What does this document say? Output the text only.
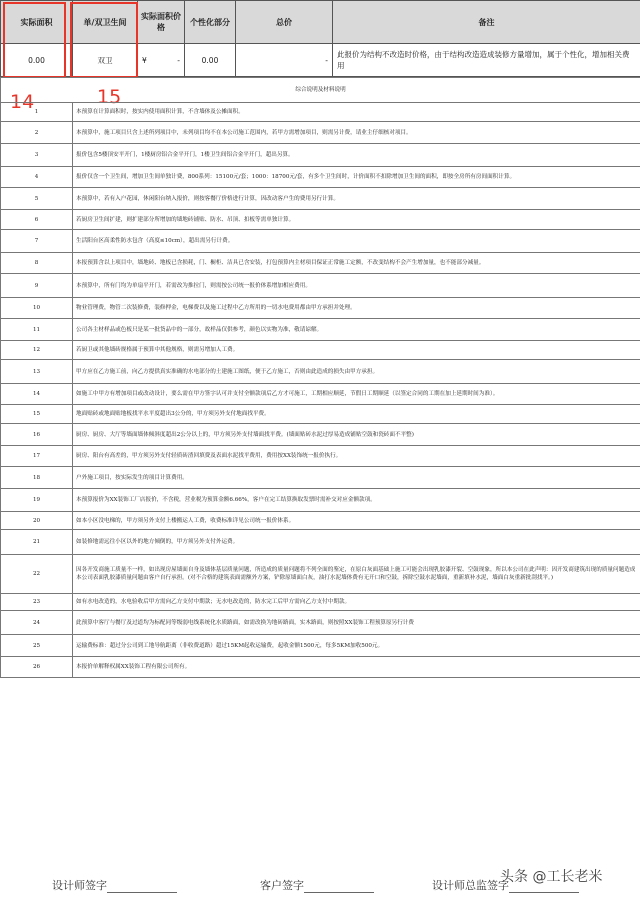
实际面积	单/双卫生间	实际面积价格	个性化部分	总价	备注
0.00	双卫	¥ -	0.00	-	此报价为结构不改造时价格，由于结构改造造成装修方量增加，属于个性化，增加相关费用
14	15	综合说明及材料说明	
1	本预算在计算面积时，按实内使用面积计算，不含墙体及公摊面积。
2	本预算中，施工项目只含上述所列项目中，未列项目均不在本公司施工范围内，若甲方需增加项目，则需另计费，请业主仔细核对项目。
3	报价包含5楼顶安平开门，1楼厨房铝合金平开门，1楼卫生间铝合金平开门，超出另算。
4	报价仅含一个卫生间，增加卫生间单独计费，800系列：15100元/套；1000：18700元/套，有多个卫生间时，计价面积不扣除增加卫生间的面积，即按全房所有房间面积计算。
5	本预算中，若有入户花园，休闲阳台纳入报价，则按客餐厅价格进行计算，因改动客户生的费用另行计算。
6	若厨房卫生间扩建，则扩建部分所增加的墙地砖铺贴、防水、吊顶、扣板等需单独计算。
7	生活阳台区高柔性防水包含（高度≤10cm），超出需另行计费。
8	本报预算含以上项目中，墙地砖、地板已含损耗，门、橱柜、洁具已含安装，打包预算内主材项目保证正常施工定额，不改变结构不会产生增加量，也不能部分减量。
9	本预算中，所有门均为单扇平开门，若需改为推拉门，则需按公司统一报价体系增加相应费用。
10	物业管理费，物管二次装修费，装修押金，电梯费以及施工过程中乙方所用的一切水电费用都由甲方承担并处理。
11	公司各主材样品或色板只是某一批货品中的一部分，故样品仅供参考，颜色以实物为准，敬请谅解。
12	若厨卫或其他墙砖规格属于预算中其他规格，则需另增加人工费。
13	甲方应在乙方施工前，向乙方提供真实准确的水电部分的土建施工图纸，便于乙方施工，否则由此造成的损失由甲方承担。
14	如施工中甲方有增加项目或改动设计，要么需在甲方签字认可并支付全额款项后乙方才可施工，工期相应顺延，节假日工期顺延（以签定合同的工期在加上延期时间为准）。
15	地面贴砖或地面贴地板找平水平度超出3公分的，甲方须另外支付地面找平费。
16	厨房、厨房、大厅等墙面墙体倾斜度超出2公分以上的，甲方须另外支付墙面找平费。(墙面贴砖水泥过厚易造成铺贴空鼓和瓷砖面不平整)
17	厨房、阳台有高差的，甲方须另外支付轻质砖渣回填费及表面水泥找平费用，费用按XX装饰统一报价执行。
18	户外施工项目，按实际发生的项目计算费用。
19	本预算报价为XX装饰工厂店报价，不含税，营业税为预算金额6.66%，客户在完工结算换取发票时需补交对应金额款项。
20	如本小区没电梯的，甲方须另外支付上楼搬运人工费，收费标准详见公司统一报价体系。
21	如装修地需远往小区以外的地方倾倒的，甲方须另外支付外运费。
22	因各开发商施工质量不一样，如出现房屋墙面自身及墙体基层质量问题，所造成的质量问题将不列全面的鉴定，在原白灰面基础上施工可能会出现乳胶漆开裂、空鼓现象，所以本公司在此声明：因开发商建筑出现的质量问题造成本公司表面乳胶漆质量问题由客户自行承担。(对不合格的建筑表面需额外方案，铲除原墙面白灰，油打水泥墙体费有无开口和空鼓，拆除空鼓水泥墙面，重新填补水泥，墙面白灰重新批刮找平。)
23	如有水电改造的，水电验收后甲方需向乙方支付中期款；无水电改造的，防水完工后甲方需向乙方支付中期款。
24	此预算中客厅与餐厅及过道均为标配同等级弱电线系统化水质路面，如需改换为地砖路面，实木路面，则按照XX装饰工程预算原另行计费
25	运输费标准：超过分公司到工地导航距离（非收费道路）超过15KM起收运输费，起收金额1500元，每多5KM加收500元。
26	本报价单解释权属XX装饰工程有限公司所有。
设计师签字	客户签字	设计师总监签字
头条 @工长老米
